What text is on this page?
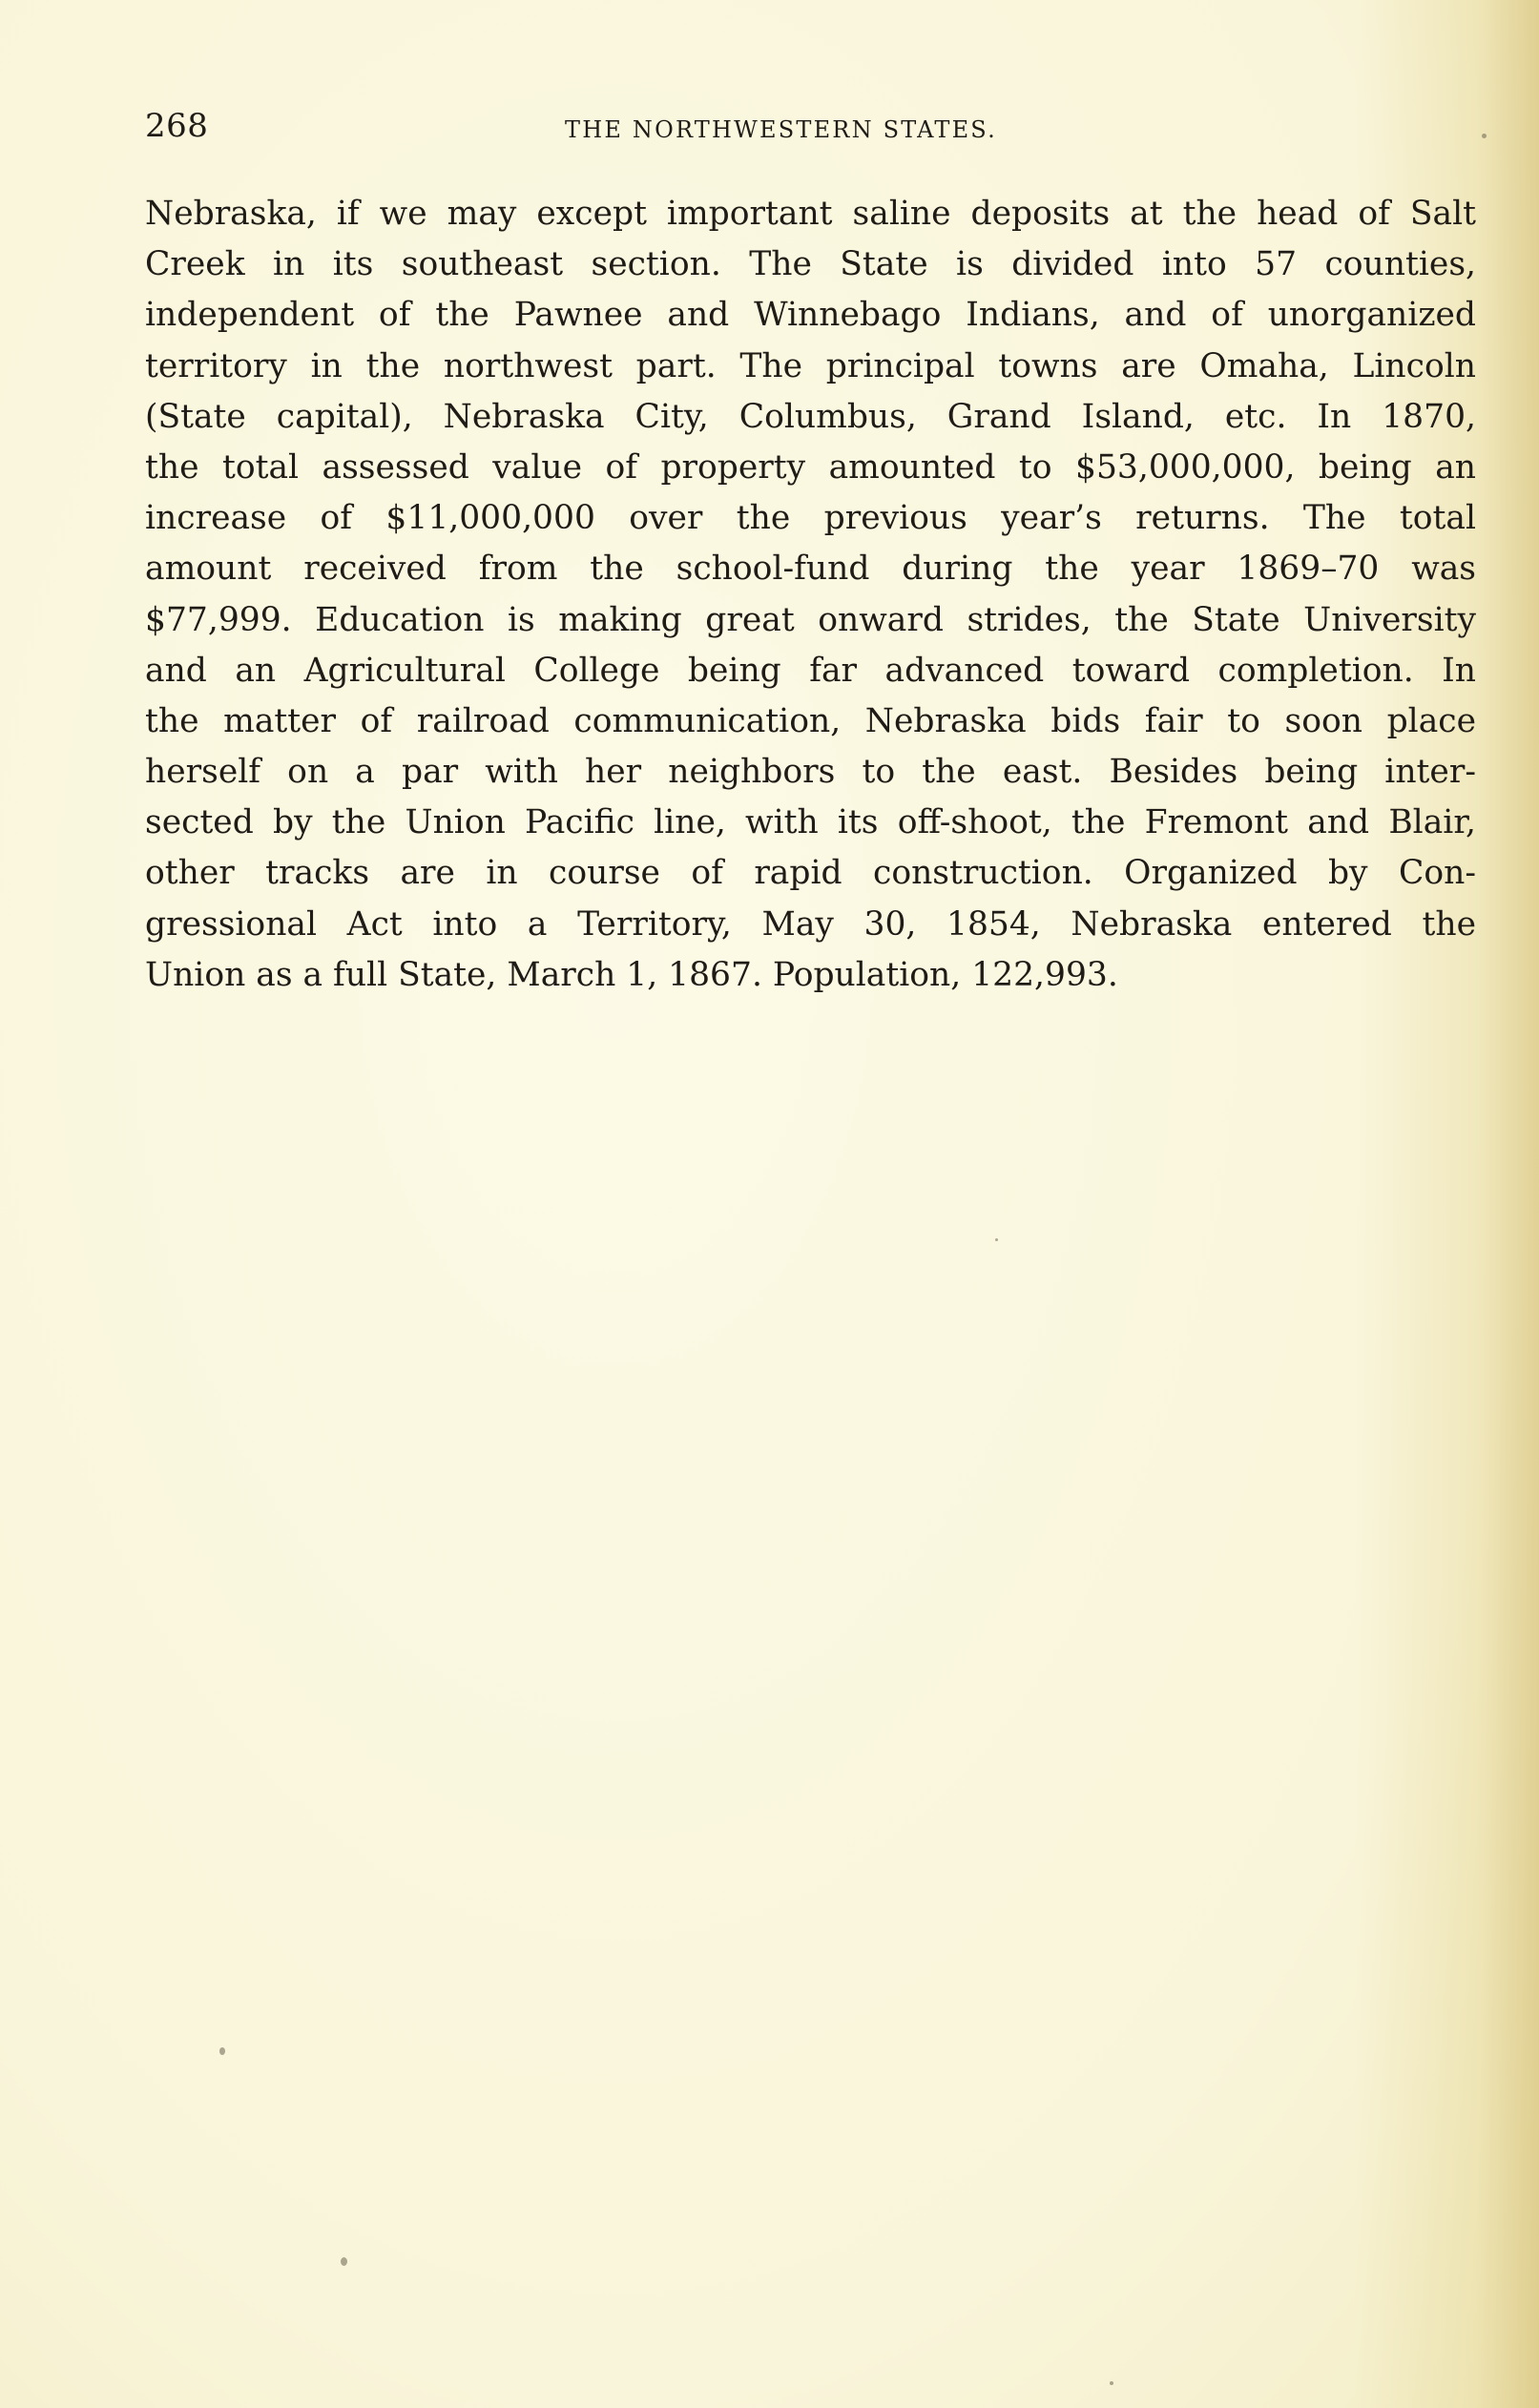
268	THE NORTHWESTERN STATES.
Nebraska, if we may except important saline deposits at the head of Salt
Creek in its southeast section. The State is divided into 57 counties,
independent of the Pawnee and Winnebago Indians, and of unorganized
territory in the northwest part. The principal towns are Omaha, Lincoln
(State capital), Nebraska City, Columbus, Grand Island, etc. In 1870,
the total assessed value of property amounted to $53,000,000, being an
increase of $11,000,000 over the previous year’s returns. The total
amount received from the school-fund during the year 1869–70 was
$77,999. Education is making great onward strides, the State University
and an Agricultural College being far advanced toward completion. In
the matter of railroad communication, Nebraska bids fair to soon place
herself on a par with her neighbors to the east. Besides being inter-
sected by the Union Pacific line, with its off-shoot, the Fremont and Blair,
other tracks are in course of rapid construction. Organized by Con-
gressional Act into a Territory, May 30, 1854, Nebraska entered the
Union as a full State, March 1, 1867. Population, 122,993.
